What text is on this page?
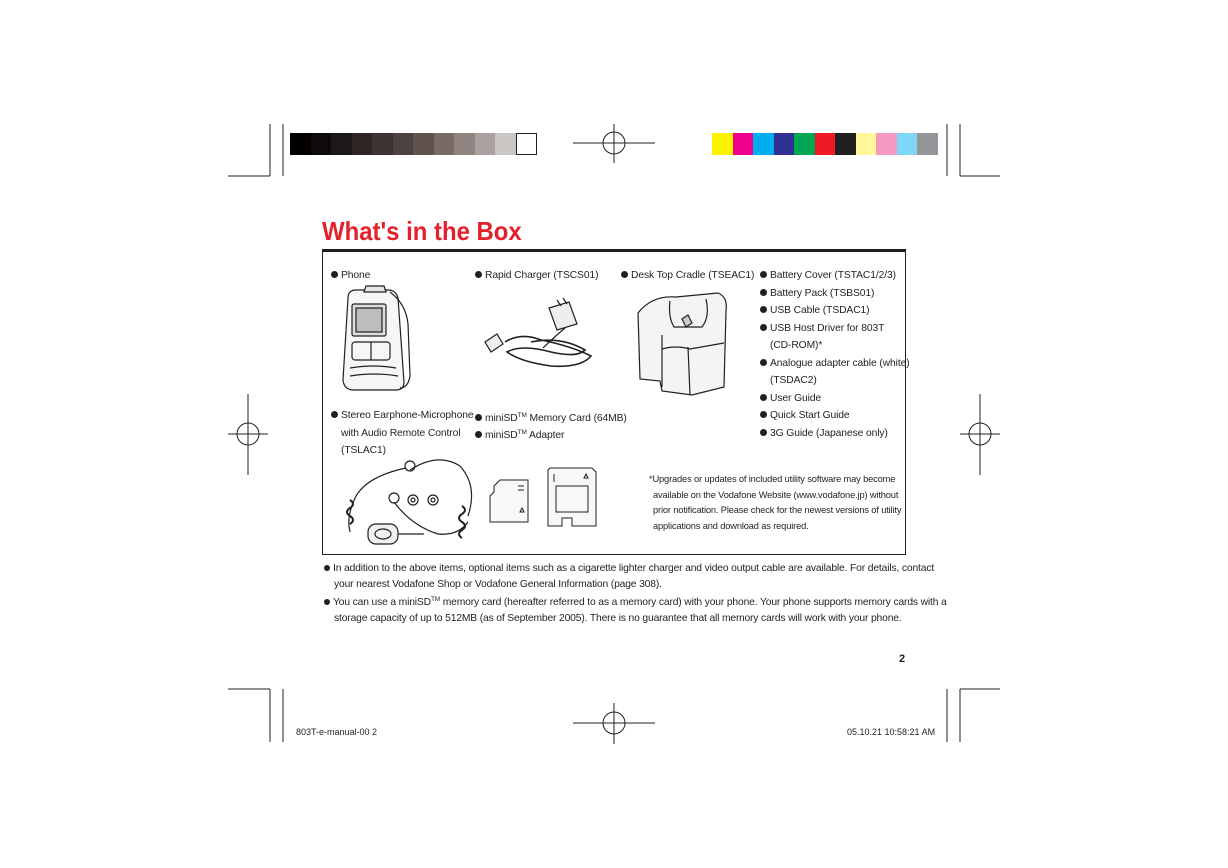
What's in the Box
Phone
Stereo Earphone-Microphone
with Audio Remote Control
(TSLAC1)
Rapid Charger (TSCS01)
miniSD™ Memory Card (64MB)
miniSD™ Adapter
Desk Top Cradle (TSEAC1)	Battery Cover (TSTAC1/2/3)
Battery Pack (TSBS01)
USB Cable (TSDAC1)
USB Host Driver for 803T
(CD-ROM)*
Analogue adapter cable (white)
(TSDAC2)
User Guide
Quick Start Guide
3G Guide (Japanese only)
*Upgrades or updates of included utility software may become
available on the Vodafone Website (www.vodafone.jp) without
prior notification. Please check for the newest versions of utility
applications and download as required.
In addition to the above items, optional items such as a cigarette lighter charger and video output cable are available. For details, contact
your nearest Vodafone Shop or Vodafone General Information (page 308).
You can use a miniSD™ memory card (hereafter referred to as a memory card) with your phone. Your phone supports memory cards with a
storage capacity of up to 512MB (as of September 2005). There is no guarantee that all memory cards will work with your phone.
2
803T-e-manual-00 2	05.10.21 10:58:21 AM
